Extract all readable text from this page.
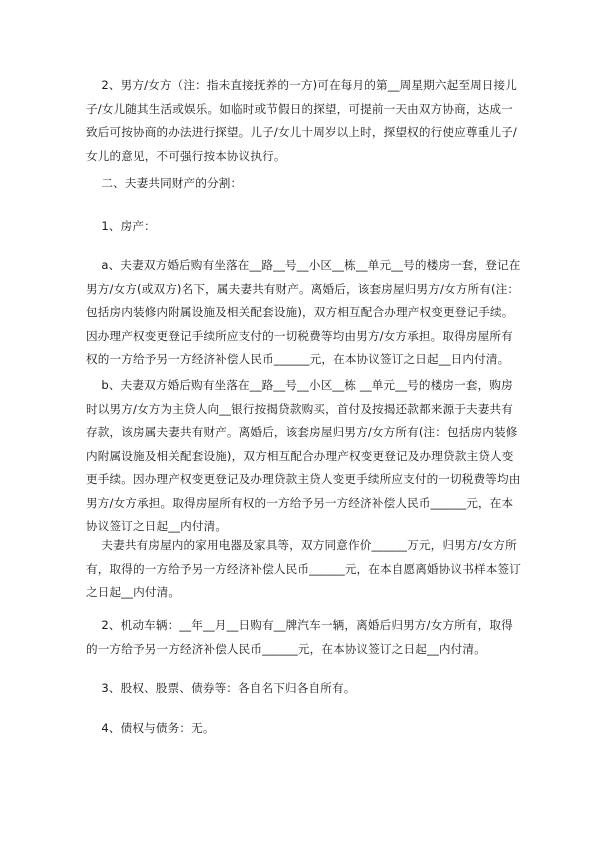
2、男方/女方（注：指未直接抚养的一方)可在每月的第__周星期六起至周日接儿子/女儿随其生活或娱乐。如临时或节假日的探望，可提前一天由双方协商，达成一致后可按协商的办法进行探望。儿子/女儿十周岁以上时，探望权的行使应尊重儿子/女儿的意见，不可强行按本协议执行。
二、夫妻共同财产的分割：
1、房产：
a、夫妻双方婚后购有坐落在__路__号__小区__栋__单元__号的楼房一套，登记在男方/女方(或双方)名下，属夫妻共有财产。离婚后，该套房屋归男方/女方所有(注：包括房内装修内附属设施及相关配套设施)，双方相互配合办理产权变更登记手续。因办理产权变更登记手续所应支付的一切税费等均由男方/女方承担。取得房屋所有权的一方给予另一方经济补偿人民币______元，在本协议签订之日起__日内付清。
b、夫妻双方婚后购有坐落在__路__号__小区__栋 __单元__号的楼房一套，购房时以男方/女方为主贷人向__银行按揭贷款购买，首付及按揭还款都来源于夫妻共有存款，该房属夫妻共有财产。离婚后，该套房屋归男方/女方所有(注：包括房内装修内附属设施及相关配套设施)，双方相互配合办理产权变更登记及办理贷款主贷人变更手续。因办理产权变更登记及办理贷款主贷人变更手续所应支付的一切税费等均由男方/女方承担。取得房屋所有权的一方给予另一方经济补偿人民币______元，在本协议签订之日起__内付清。
夫妻共有房屋内的家用电器及家具等，双方同意作价______万元，归男方/女方所有，取得的一方给予另一方经济补偿人民币______元，在本自愿离婚协议书样本签订之日起__内付清。
2、机动车辆：__年__月__日购有__牌汽车一辆，离婚后归男方/女方所有，取得的一方给予另一方经济补偿人民币______元，在本协议签订之日起__内付清。
3、股权、股票、债券等：各自名下归各自所有。
4、债权与债务：无。
